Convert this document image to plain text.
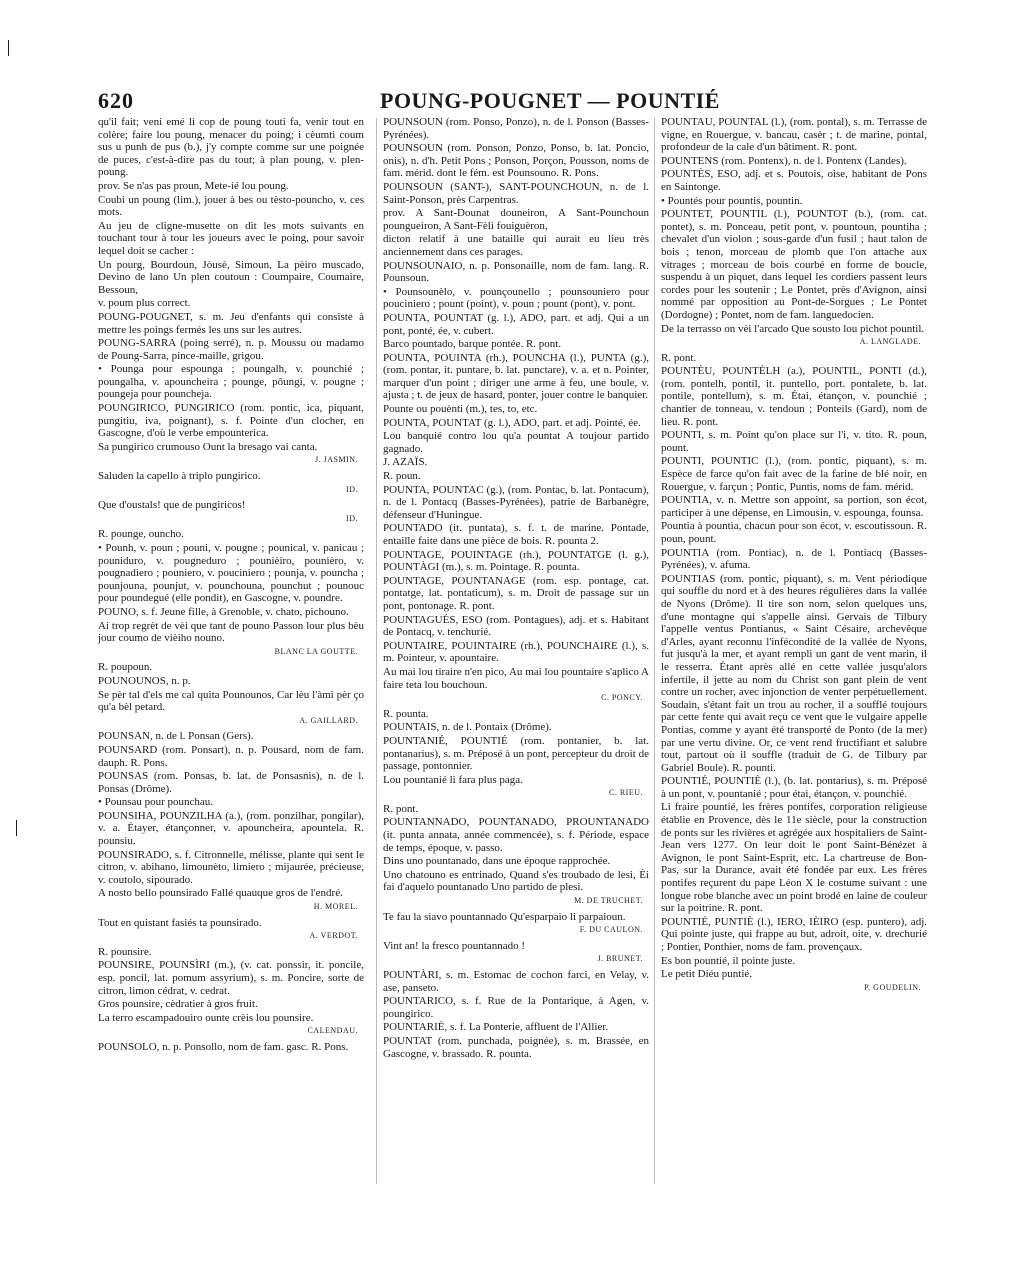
620	POUNG-POUGNET — POUNTIÉ

qu'il fait; veni emé li cop de poung touti fa, venir tout en colère; faire lou poung, menacer du poing; i cèumti coum sus u punh de pus (b.), j'y compte comme sur une poignée de puces, c'est-à-dire pas du tout; à plan poung, v. plen-poung.

prov. Se n'as pas proun, Mete-ié lou poung.

Coubi un poung (lim.), jouer à bes ou tèsto-pouncho, v. ces mots.

Au jeu de cligne-musette on dit les mots suivants en touchant tour à tour les joueurs avec le poing, pour savoir lequel doit se cacher :

Un pourg, Bourdoun, Jòusè, Simoun, La pèiro muscado, Devino de lano Un plen coutoun : Coumpaire, Coumaire, Bessoun,

v. poum plus correct.

POUNG-POUGNET, s. m. Jeu d'enfants qui consiste à mettre les poings fermés les uns sur les autres.

POUNG-SARRA (poing serré), n. p. Moussu ou madamo de Poung-Sarra, pince-maille, grigou.

• Pounga pour espounga ; poungalh, v. pounchié ; poungalha, v. apouncheira ; pounge, pôungi, v. pougne ; poungeja pour pouncheja.

POUNGIRICO, PUNGIRICO (rom. pontic, ica, piquant, pungitiu, iva, poignant), s. f. Pointe d'un clocher, en Gascogne, d'où le verbe empounterica.

Sa pungirico crumouso Ount la bresago vai canta.

J. JASMIN.

Saluden la capello à triplo pungirico.

ID.

Que d'oustals! que de pungiricos!

ID.

R. pounge, ouncho.

• Pounh, v. poun ; pouni, v. pougne ; pounical, v. panicau ; pouniduro, v. pougneduro ; pounièiro, pounièro, v. pougnadiero ; pouniero, v. pouciniero ; pounja, v. pouncha ; pounjouna, pounjut, v. pounchouna, pounchut ; pounouc pour poundegué (elle pondit), en Gascogne, v. poundre.

POUNO, s. f. Jeune fille, à Grenoble, v. chato, pichouno.

Ai trop regrèt de vèi que tant de pouno Passon lour plus bèu jour coumo de vièiho nouno.

BLANC LA GOUTTE.

R. poupoun.

POUNOUNOS, n. p.

Se pèr tal d'els me cal quita Pounounos, Car lèu l'àmi pèr ço qu'a bèl petard.

A. GAILLARD.

POUNSAN, n. de l. Ponsan (Gers).

POUNSARD (rom. Ponsart), n. p. Pousard, nom de fam. dauph. R. Pons.

POUNSAS (rom. Ponsas, b. lat. de Ponsasnis), n. de l. Ponsas (Drôme).

• Pounsau pour pounchau.

POUNSIHA, POUNZILHA (a.), (rom. ponzilhar, pongilar), v. a. Étayer, étançonner, v. apouncheira, apountela. R. pounsiu.

POUNSIRADO, s. f. Citronnelle, mélisse, plante qui sent le citron, v. abihano, limounèto, limiero ; mijaurée, précieuse, v. coutolo, sipourado.

A nosto bello pounsirado Fallé quauque gros de l'endré.

H. MOREL.

Tout en quistant fasiés ta pounsirado.

A. VERDOT.

R. pounsire.

POUNSIRE, POUNSÌRI (m.), (v. cat. ponssir, it. poncile, esp. poncil, lat. pomum assyrium), s. m. Poncire, sorte de citron, limon cédrat, v. cedrat.

Gros pounsire, cèdratier à gros fruit.

La terro escampadouiro ounte crèis lou pounsire.

CALENDAU.

POUNSOLO, n. p. Ponsollo, nom de fam. gasc. R. Pons.

POUNSOUN (rom. Ponso, Ponzo), n. de l. Ponson (Basses-Pyrénées).

POUNSOUN (rom. Ponson, Ponzo, Ponso, b. lat. Poncio, onis), n. d'h. Petit Pons ; Ponson, Porçon, Pousson, noms de fam. mérid. dont le fém. est Pounsouno. R. Pons.

POUNSOUN (SANT-), SANT-POUNCHOUN, n. de l. Saint-Ponson, près Carpentras.

prov. A Sant-Dounat douneiron, A Sant-Pounchoun poungueiron, A Sant-Fèli fouiguèron,

dicton relatif à une bataille qui aurait eu lieu très anciennement dans ces parages.

POUNSOUNAIO, n. p. Ponsonaille, nom de fam. lang. R. Pounsoun.

• Pounsounèlo, v. pounçounello ; pounsouniero pour pouciniero ; pount (point), v. poun ; pount (pont), v. pont.

POUNTA, POUNTAT (g. l.), ADO, part. et adj. Qui a un pont, ponté, ée, v. cubert.

Barco pountado, barque pontée. R. pont.

POUNTA, POUINTA (rh.), POUNCHA (l.), PUNTA (g.), (rom. pontar, it. puntare, b. lat. punctare), v. a. et n. Pointer, marquer d'un point ; diriger une arme à feu, une boule, v. ajusta ; t. de jeux de hasard, ponter, jouer contre le banquier.

Pounte ou pouènti (m.), tes, to, etc.

POUNTA, POUNTAT (g. l.), ADO, part. et adj. Pointé, ée.

Lou banquié contro lou qu'a pountat A toujour partido gagnado.

J. AZAÏS.

R. poun.

POUNTA, POUNTAC (g.), (rom. Pontac, b. lat. Pontacum), n. de l. Pontacq (Basses-Pyrénées), patrie de Barbanègre, défenseur d'Huningue.

POUNTADO (it. puntata), s. f. t. de marine. Pontade, entaille faite dans une pièce de bois. R. pounta 2.

POUNTAGE, POUINTAGE (rh.), POUNTATGE (l. g.), POUNTÀGI (m.), s. m. Pointage. R. pounta.

POUNTAGE, POUNTANAGE (rom. esp. pontage, cat. pontatge, lat. pontaticum), s. m. Droit de passage sur un pont, pontonage. R. pont.

POUNTAGUÉS, ESO (rom. Pontagues), adj. et s. Habitant de Pontacq, v. tenchurié.

POUNTAIRE, POUINTAIRE (rh.), POUNCHAIRE (l.), s. m. Pointeur, v. apountaire.

Au mai lou tiraire n'en pico, Au mai lou pountaire s'aplico A faire teta lou bouchoun.

C. PONCY.

R. pounta.

POUNTAIS, n. de l. Pontaix (Drôme).

POUNTANIÉ, POUNTIÉ (rom. pontanier, b. lat. pontanarius), s. m. Préposé à un pont, percepteur du droit de passage, pontonnier.

Lou pountanié li fara plus paga.

C. RIEU.

R. pont.

POUNTANNADO, POUNTANADO, PROUNTANADO (it. punta annata, année commencée), s. f. Période, espace de temps, époque, v. passo.

Dins uno pountanado, dans une époque rapprochée.

Uno chatouno es entrinado, Quand s'es troubado de lesi, Èi fai d'aquelo pountanado Uno partido de plesi.

M. DE TRUCHET.

Te fau la siavo pountannado Qu'esparpaio li parpaioun.

F. DU CAULON.

Vint an! la fresco pountannado !

J. BRUNET.

POUNTÀRI, s. m. Estomac de cochon farci, en Velay, v. ase, panseto.

POUNTARICO, s. f. Rue de la Pontarique, à Agen, v. poungirico.

POUNTARIÉ, s. f. La Ponterie, affluent de l'Allier.

POUNTAT (rom. punchada, poignée), s. m. Brassée, en Gascogne, v. brassado. R. pounta.

POUNTAU, POUNTAL (l.), (rom. pontal), s. m. Terrasse de vigne, en Rouergue, v. bancau, casèr ; t. de marine, pontal, profondeur de la cale d'un bâtiment. R. pont.

POUNTENS (rom. Pontenx), n. de l. Pontenx (Landes).

POUNTÈS, ESO, adj. et s. Poutois, oise, habitant de Pons en Saintonge.

• Pountés pour pountis, pountin.

POUNTET, POUNTIL (l.), POUNTOT (b.), (rom. cat. pontet), s. m. Ponceau, petit pont, v. pountoun, pountiha ; chevalet d'un violon ; sous-garde d'un fusil ; haut talon de bois ; tenon, morceau de plomb que l'on attache aux vitrages ; morceau de bois courbé en forme de boucle, suspendu à un piquet, dans lequel les cordiers passent leurs cordes pour les soutenir ; Le Pontet, près d'Avignon, ainsi nommé par opposition au Pont-de-Sorgues ; Le Pontet (Dordogne) ; Pontet, nom de fam. languedocien.

De la terrasso on vèi l'arcado Que sousto lou pichot pountil.

A. LANGLADE.

R. pont.

POUNTÈU, POUNTÈLH (a.), POUNTIL, PONTI (d.), (rom. pontelh, pontil, it. puntello, port. pontalete, b. lat. pontile, pontellum), s. m. Étai, étançon, v. pounchié ; chantier de tonneau, v. tendoun ; Ponteils (Gard), nom de lieu. R. pont.

POUNTI, s. m. Point qu'on place sur l'i, v. tito. R. poun, pount.

POUNTI, POUNTIC (l.), (rom. pontic, piquant), s. m. Espèce de farce qu'on fait avec de la farine de blé noir, en Rouergue, v. farçun ; Pontic, Puntis, noms de fam. mérid.

POUNTIA, v. n. Mettre son appoint, sa portion, son écot, participer à une dépense, en Limousin, v. espounga, founsa.

Pountia à pountia, chacun pour son écot, v. escoutissoun. R. poun, pount.

POUNTIA (rom. Pontiac), n. de l. Pontiacq (Basses-Pyrénées), v. afuma.

POUNTIAS (rom. pontic, piquant), s. m. Vent périodique qui souffle du nord et à des heures régulières dans la vallée de Nyons (Drôme). Il tire son nom, selon quelques uns, d'une montagne qui s'appelle ainsi. Gervais de Tilbury l'appelle ventus Pontianus, « Saint Césaire, archevêque d'Arles, ayant reconnu l'infécondité de la vallée de Nyons, fut jusqu'à la mer, et ayant rempli un gant de vent marin, il le resserra. Étant après allé en cette vallée jusqu'alors infertile, il jette au nom du Christ son gant plein de vent contre un rocher, avec injonction de venter perpétuellement. Soudain, s'étant fait un trou au rocher, il a soufflé toujours par cette fente qui avait reçu ce vent que le vulgaire appelle Pontias, comme y ayant été transporté de Ponto (de la mer) par une vertu divine. Or, ce vent rend fructifiant et salubre tout, partout où il souffle (traduit de G. de Tilbury par Gabriel Boule). R. pounti.

POUNTIÉ, POUNTIÈ (l.), (b. lat. pontarius), s. m. Préposé à un pont, v. pountanié ; pour étai, étançon, v. pounchié.

Li fraire pountié, les frères pontifes, corporation religieuse établie en Provence, dès le 11e siècle, pour la construction de ponts sur les rivières et agrégée aux hospitaliers de Saint-Jean vers 1277. On leur doit le pont Saint-Bénézet à Avignon, le pont Saint-Esprit, etc. La chartreuse de Bon-Pas, sur la Durance, avait été fondée par eux. Les frères pontifes reçurent du pape Léon X le costume suivant : une longue robe blanche avec un point brodé en laine de couleur sur la poitrine. R. pont.

POUNTIÉ, PUNTIÈ (l.), IERO, IÈIRO (esp. puntero), adj. Qui pointe juste, qui frappe au but, adroit, oite, v. drechurié ; Pontier, Ponthier, noms de fam. provençaux.

Es bon pountié, il pointe juste.

Le petit Diéu puntié.

P. GOUDELIN.
